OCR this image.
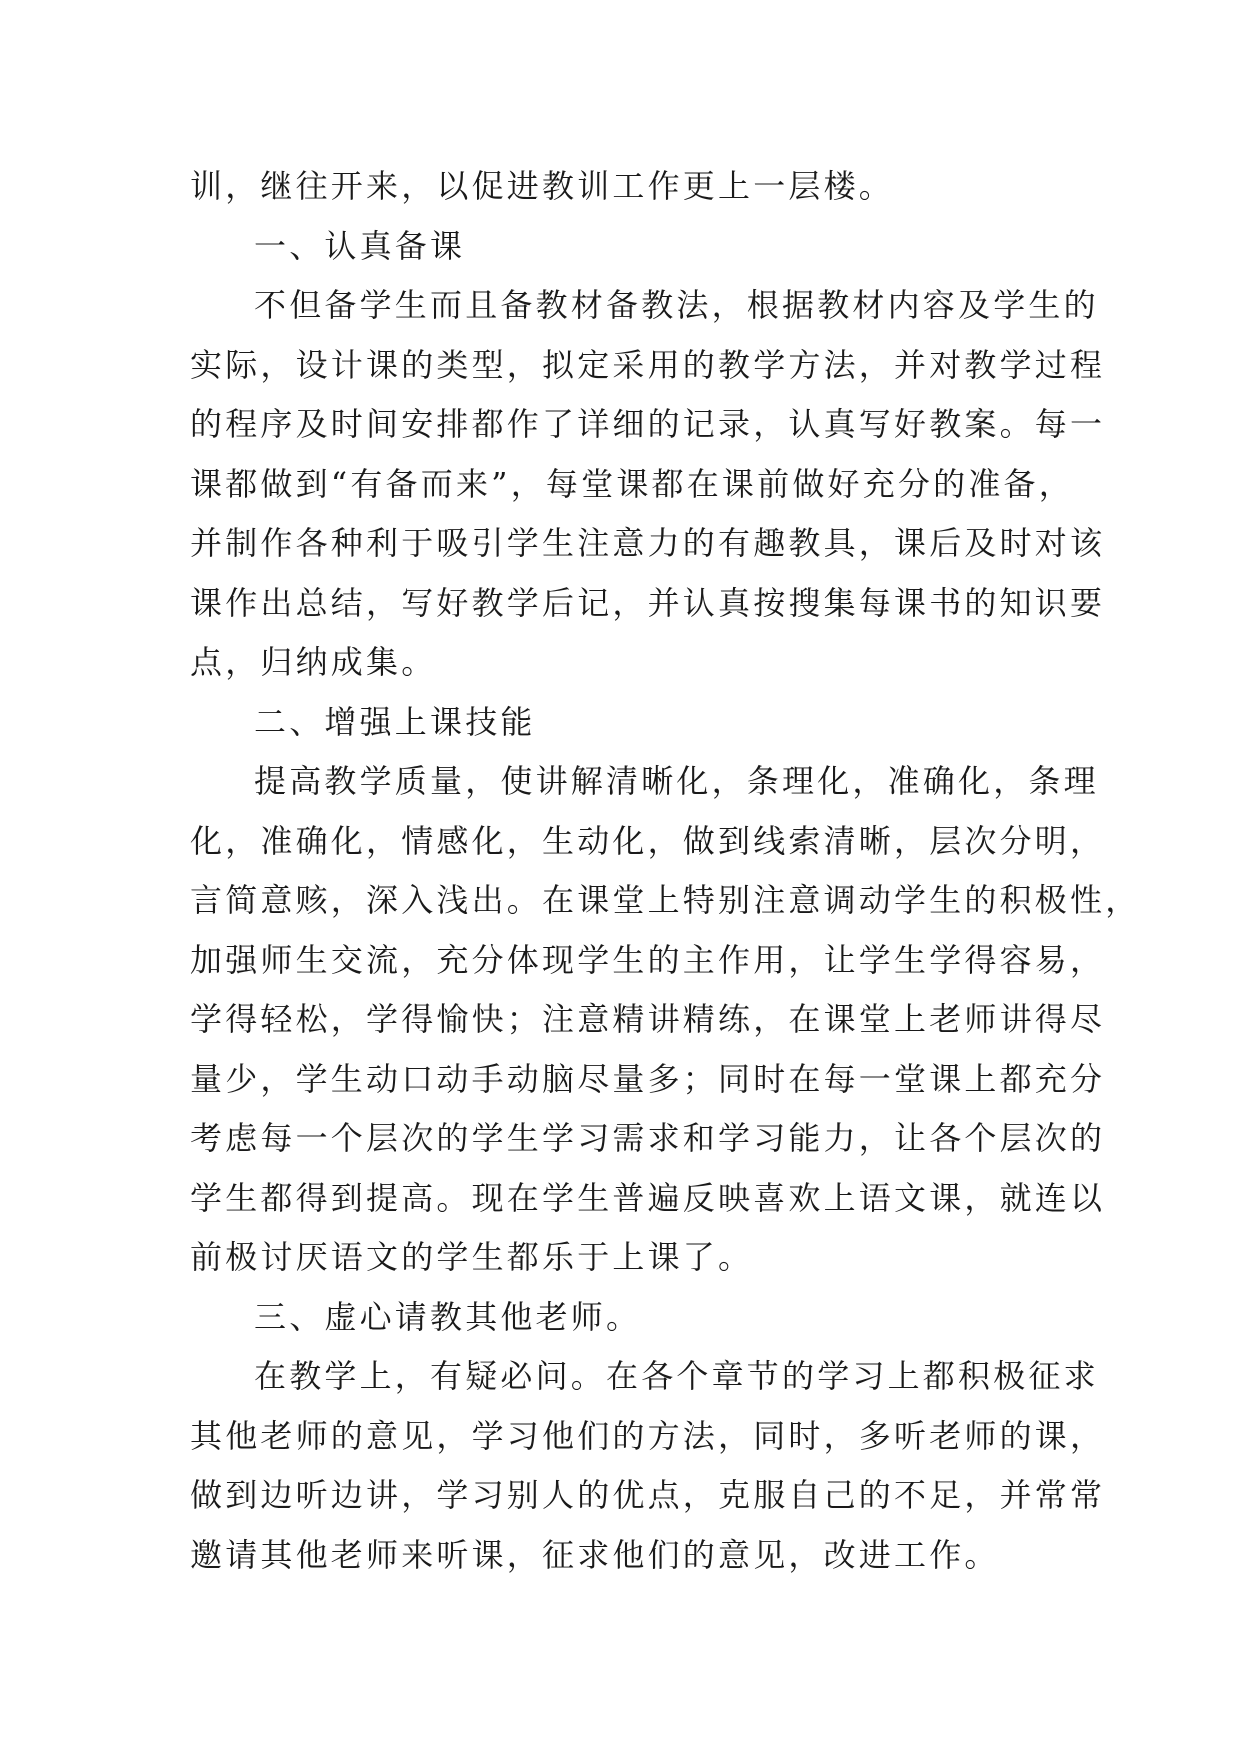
训，继往开来，以促进教训工作更上一层楼。
一、认真备课
不但备学生而且备教材备教法，根据教材内容及学生的
实际，设计课的类型，拟定采用的教学方法，并对教学过程
的程序及时间安排都作了详细的记录，认真写好教案。每一
课都做到“有备而来”，每堂课都在课前做好充分的准备，
并制作各种利于吸引学生注意力的有趣教具，课后及时对该
课作出总结，写好教学后记，并认真按搜集每课书的知识要
点，归纳成集。
二、增强上课技能
提高教学质量，使讲解清晰化，条理化，准确化，条理
化，准确化，情感化，生动化，做到线索清晰，层次分明，
言简意赅，深入浅出。在课堂上特别注意调动学生的积极性，
加强师生交流，充分体现学生的主作用，让学生学得容易，
学得轻松，学得愉快；注意精讲精练，在课堂上老师讲得尽
量少，学生动口动手动脑尽量多；同时在每一堂课上都充分
考虑每一个层次的学生学习需求和学习能力，让各个层次的
学生都得到提高。现在学生普遍反映喜欢上语文课，就连以
前极讨厌语文的学生都乐于上课了。
三、虚心请教其他老师。
在教学上，有疑必问。在各个章节的学习上都积极征求
其他老师的意见，学习他们的方法，同时，多听老师的课，
做到边听边讲，学习别人的优点，克服自己的不足，并常常
邀请其他老师来听课，征求他们的意见，改进工作。
